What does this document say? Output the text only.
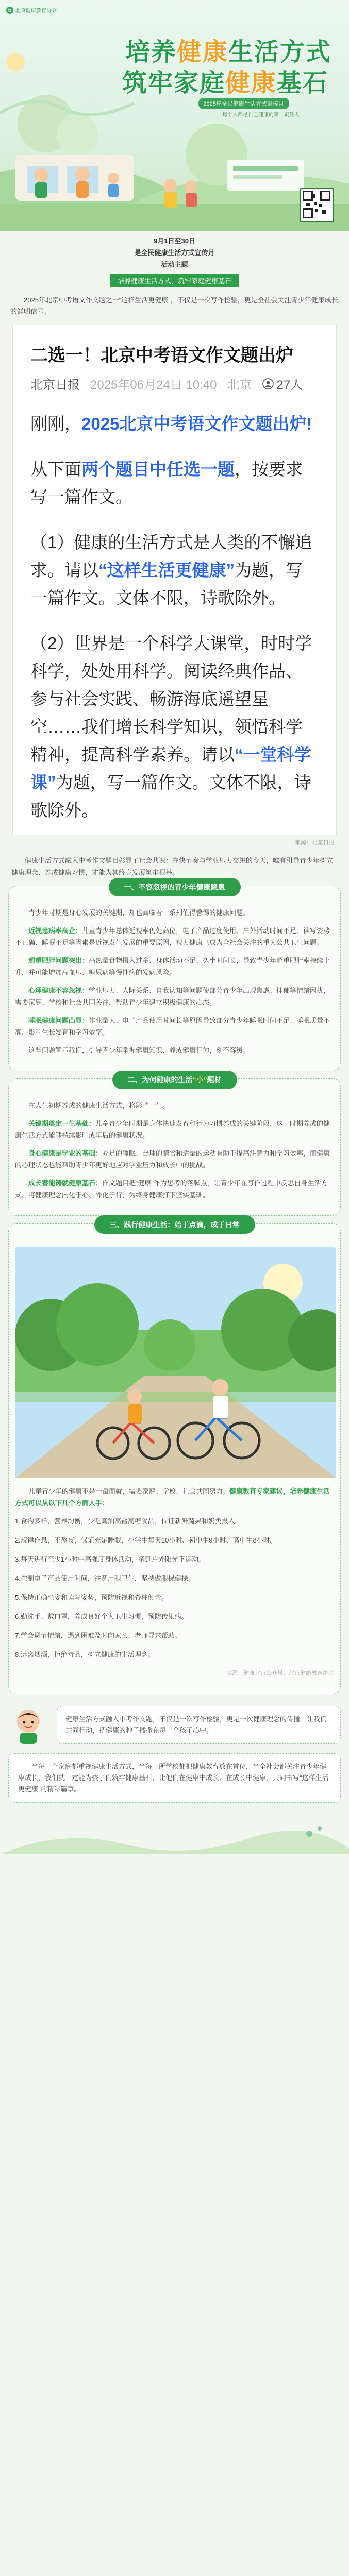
✿ 北京健康教育协会
培养健康生活方式
筑牢家庭健康基石
2025年全民健康生活方式宣传月
每个人都是自己健康的第一责任人
9月1日至30日
是全民健康生活方式宣传月
活动主题
培养健康生活方式，筑牢家庭健康基石
2025年北京中考语文作文题之一“这样生活更健康”，不仅是一次写作检验，更是全社会关注青少年健康成长的鲜明信号。
二选一！北京中考语文作文题出炉
北京日报 2025年06月24日 10:40 北京 27人

刚刚，2025北京中考语文作文题出炉!

从下面两个题目中任选一题，按要求写一篇作文。

（1）健康的生活方式是人类的不懈追求。请以“这样生活更健康”为题，写一篇作文。文体不限，诗歌除外。

（2）世界是一个科学大课堂，时时学科学，处处用科学。阅读经典作品、参与社会实践、畅游海底遥望星空……我们增长科学知识，领悟科学精神，提高科学素养。请以“一堂科学课”为题，写一篇作文。文体不限，诗歌除外。

来源：北京日报
健康生活方式融入中考作文题目彰显了社会共识：在快节奏与学业压力交织的今天，唯有引导青少年树立健康理念、养成健康习惯，才能为其终身发展筑牢根基。
一、不容忽视的青少年健康隐患

青少年时期是身心发展的关键期，却也面临着一系列值得警惕的健康问题。

近视患病率高企：儿童青少年总体近视率仍处高位，电子产品过度使用、户外活动时间不足、读写姿势不正确、睡眠不足等因素是近视发生发展的重要原因，视力健康已成为全社会关注的重大公共卫生问题。

超重肥胖问题突出：高热量食物摄入过多、身体活动不足、久坐时间长，导致青少年超重肥胖率持续上升，并可能增加高血压、糖尿病等慢性病的发病风险。

心理健康不容忽视：学业压力、人际关系、自我认知等问题使部分青少年出现焦虑、抑郁等情绪困扰，需要家庭、学校和社会共同关注，帮助青少年建立积极健康的心态。

睡眠健康问题凸显：作业量大、电子产品使用时间长等原因导致部分青少年睡眠时间不足、睡眠质量不高，影响生长发育和学习效率。

这些问题警示我们，引导青少年掌握健康知识、养成健康行为，刻不容缓。

二、为何健康的生活“小”题材

在人生初期养成的健康生活方式，将影响一生。

关键期奠定一生基础：儿童青少年时期是身体快速发育和行为习惯养成的关键阶段，这一时期养成的健康生活方式能够持续影响成年后的健康状况。

身心健康是学业的基础：充足的睡眠、合理的膳食和适量的运动有助于提高注意力和学习效率，而健康的心理状态也能帮助青少年更好地应对学业压力和成长中的挑战。

成长蓄能铸就健康基石：作文题目把“健康”作为思考的落脚点，让青少年在写作过程中反思自身生活方式，将健康理念内化于心、外化于行，为终身健康打下坚实基础。

三、践行健康生活：始于点滴，成于日常

儿童青少年的健康不是一蹴而就，需要家庭、学校、社会共同努力。健康教育专家建议，培养健康生活方式可以从以下几个方面入手：

1.食物多样，营养均衡，少吃高油高盐高糖食品，保证新鲜蔬果和奶类摄入。

2.规律作息，不熬夜，保证充足睡眠，小学生每天10小时、初中生9小时、高中生8小时。

3.每天进行至少1小时中高强度身体活动，多到户外阳光下运动。

4.控制电子产品使用时间，注意用眼卫生，坚持做眼保健操。

5.保持正确坐姿和读写姿势，预防近视和脊柱侧弯。

6.勤洗手、戴口罩，养成良好个人卫生习惯，预防传染病。

7.学会调节情绪，遇到困难及时向家长、老师寻求帮助。

8.远离烟酒，拒绝毒品，树立健康的生活理念。

来源：健康北京公众号、北京健康教育协会

健康生活方式融入中考作文题，不仅是一次写作检验，更是一次健康理念的传播。让我们共同行动，把健康的种子播撒在每一个孩子心中。
当每一个家庭都重视健康生活方式，当每一所学校都把健康教育放在首位，当全社会都关注青少年健康成长，我们就一定能为孩子们筑牢健康基石，让他们在健康中成长、在成长中健康，共同书写“这样生活更健康”的精彩篇章。
